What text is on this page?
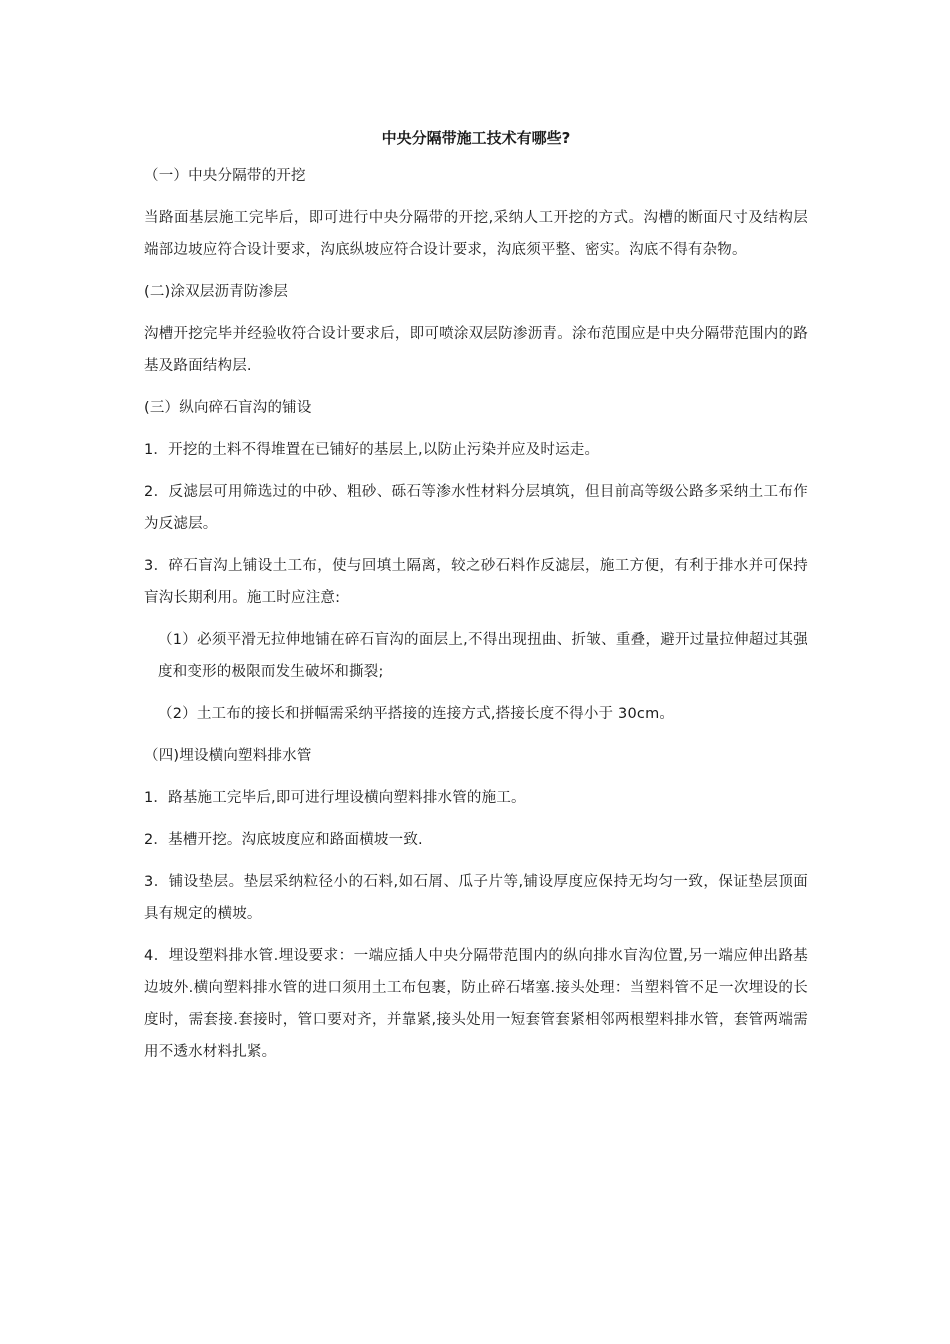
中央分隔带施工技术有哪些?
（一）中央分隔带的开挖
当路面基层施工完毕后，即可进行中央分隔带的开挖,采纳人工开挖的方式。沟槽的断面尺寸及结构层端部边坡应符合设计要求，沟底纵坡应符合设计要求，沟底须平整、密实。沟底不得有杂物。
(二)涂双层沥青防渗层
沟槽开挖完毕并经验收符合设计要求后，即可喷涂双层防渗沥青。涂布范围应是中央分隔带范围内的路基及路面结构层.
(三）纵向碎石盲沟的铺设
1．开挖的土料不得堆置在已铺好的基层上,以防止污染并应及时运走。
2．反滤层可用筛选过的中砂、粗砂、砾石等渗水性材料分层填筑，但目前高等级公路多采纳土工布作为反滤层。
3．碎石盲沟上铺设土工布，使与回填土隔离，较之砂石料作反滤层，施工方便，有利于排水并可保持盲沟长期利用。施工时应注意:
（1）必须平滑无拉伸地铺在碎石盲沟的面层上,不得出现扭曲、折皱、重叠，避开过量拉伸超过其强度和变形的极限而发生破坏和撕裂;
（2）土工布的接长和拼幅需采纳平搭接的连接方式,搭接长度不得小于 30cm。
（四)埋设横向塑料排水管
1．路基施工完毕后,即可进行埋设横向塑料排水管的施工。
2．基槽开挖。沟底坡度应和路面横坡一致.
3．铺设垫层。垫层采纳粒径小的石料,如石屑、瓜子片等,铺设厚度应保持无均匀一致，保证垫层顶面具有规定的横坡。
4．埋设塑料排水管.埋设要求：一端应插人中央分隔带范围内的纵向排水盲沟位置,另一端应伸出路基边坡外.横向塑料排水管的进口须用土工布包裹，防止碎石堵塞.接头处理：当塑料管不足一次埋设的长度时，需套接.套接时，管口要对齐，并靠紧,接头处用一短套管套紧相邻两根塑料排水管，套管两端需用不透水材料扎紧。
